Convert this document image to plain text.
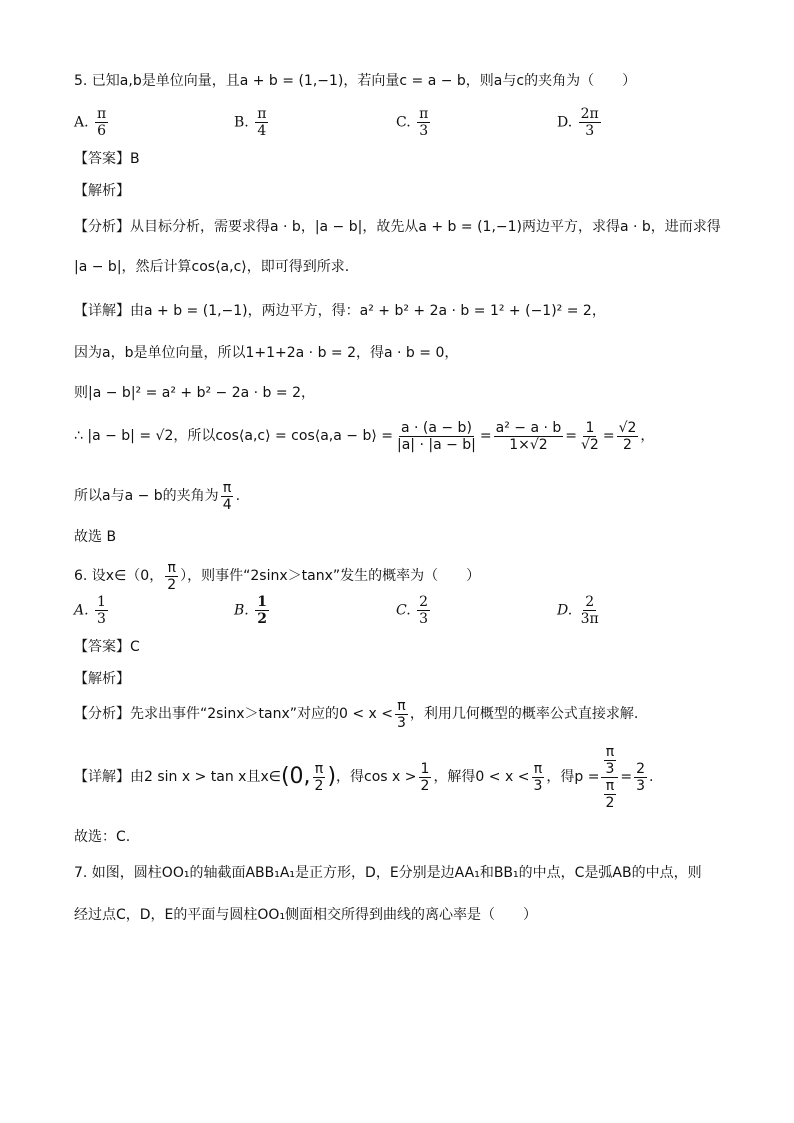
5. 已知a,b是单位向量，且a + b = (1,−1)，若向量c = a − b，则a与c的夹角为（　　）
A. $\frac{\pi}{6}$	B. $\frac{\pi}{4}$	C. $\frac{\pi}{3}$	D. $\frac{2\pi}{3}$
【答案】B
【解析】
【分析】从目标分析，需要求得a · b，|a − b|，故先从a + b = (1,−1)两边平方，求得a · b，进而求得
|a − b|，然后计算cos⟨a,c⟩，即可得到所求.
【详解】由a + b = (1,−1)，两边平方，得：a² + b² + 2a · b = 1² + (−1)² = 2，
因为a，b是单位向量，所以1+1+2a · b = 2，得a · b = 0，
则|a − b|² = a² + b² − 2a · b = 2，
∴ |a − b| = √2，所以cos⟨a,c⟩ = cos⟨a,a − b⟩ = $\frac{a \cdot (a - b)}{|a| \cdot |a - b|} = \frac{\text{a² − a · b}}{1\times√2} = \frac{1}{√2} = \frac{√2}{2}$ ，
所以a与a − b的夹角为 $\frac{\pi}{4}$ .
故选 B
6. 设x∈（0， $\frac{\pi}{2}$ ），则事件“2sinx＞tanx”发生的概率为（　　）
A. $\frac{1}{3}$	B. $\frac{1}{2}$	C. $\frac{2}{3}$	D. $\frac{2}{3\pi}$
【答案】C
【解析】
【分析】先求出事件“2sinx＞tanx”对应的$0 < x < \frac{\pi}{3}$ ，利用几何概型的概率公式直接求解.
【详解】由2 sin x > tan x且x∈ (0, $\frac{\pi}{2}$ ) ，得$\cos x > \frac{1}{2}$ ，解得$0 < x < \frac{\pi}{3}$ ，得$p = \frac{\frac{\pi}{3}}{\frac{\pi}{2}} = \frac{2}{3}$ .
故选：C.
7. 如图，圆柱OO₁的轴截面ABB₁A₁是正方形，D，E分别是边AA₁和BB₁的中点，C是弧AB的中点，则
经过点C，D，E的平面与圆柱OO₁侧面相交所得到曲线的离心率是（　　）
